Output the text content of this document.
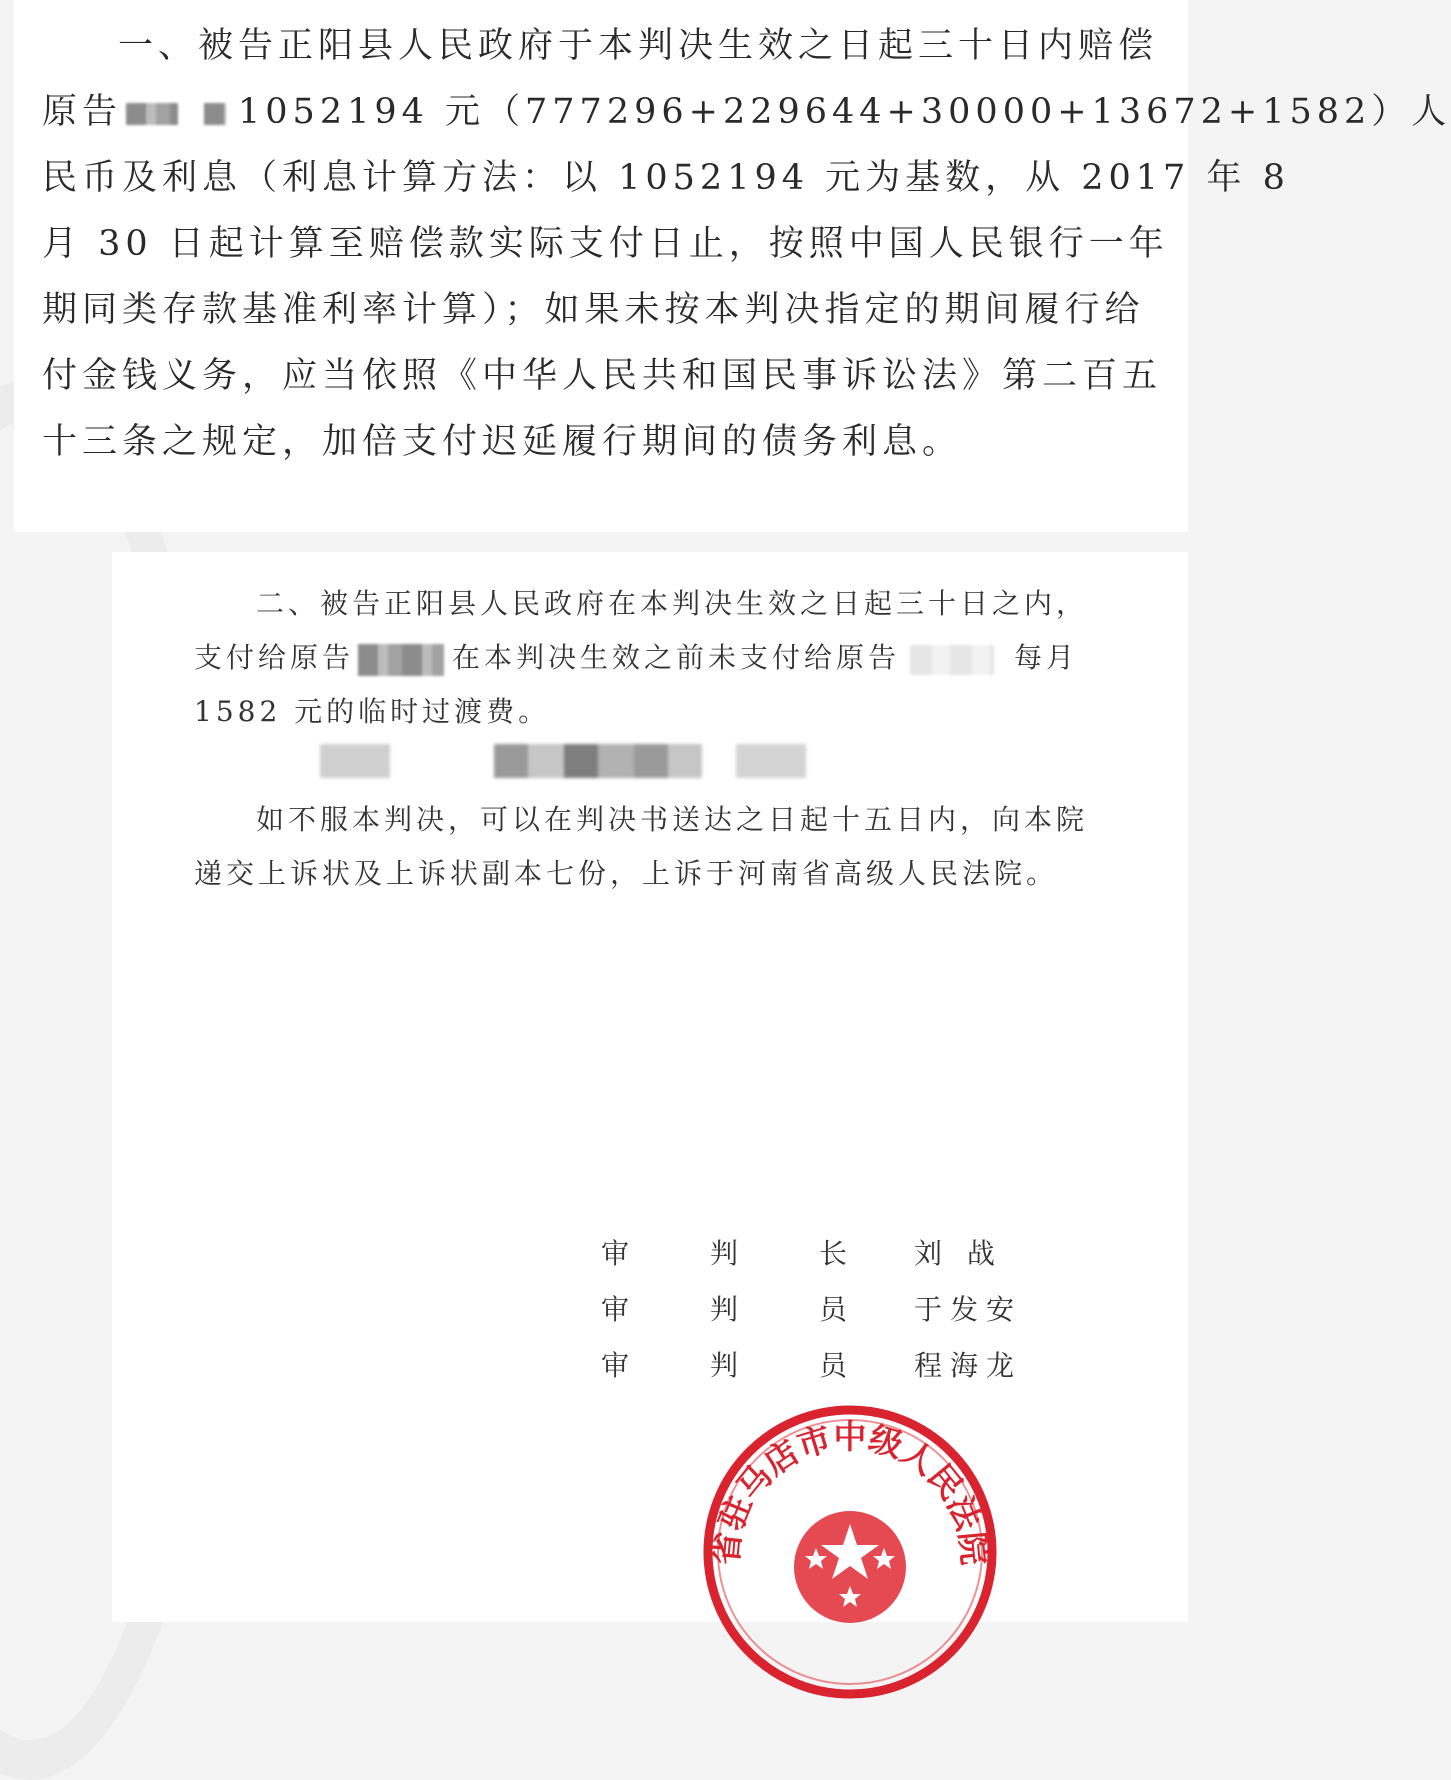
一、被告正阳县人民政府于本判决生效之日起三十日内赔偿

原告	1052194 元（777296+229644+30000+13672+1582）人

民币及利息（利息计算方法：以 1052194 元为基数，从 2017 年 8

月 30 日起计算至赔偿款实际支付日止，按照中国人民银行一年

期同类存款基准利率计算）；如果未按本判决指定的期间履行给

付金钱义务，应当依照《中华人民共和国民事诉讼法》第二百五

十三条之规定，加倍支付迟延履行期间的债务利息。

二、被告正阳县人民政府在本判决生效之日起三十日之内，

支付给原告	在本判决生效之前未支付给原告	每月

1582 元的临时过渡费。

如不服本判决，可以在判决书送达之日起十五日内，向本院

递交上诉状及上诉状副本七份，上诉于河南省高级人民法院。

审	判	长 刘 战
审	判	员 于发安
审	判	员 程海龙
省驻马店市中级人民法院
